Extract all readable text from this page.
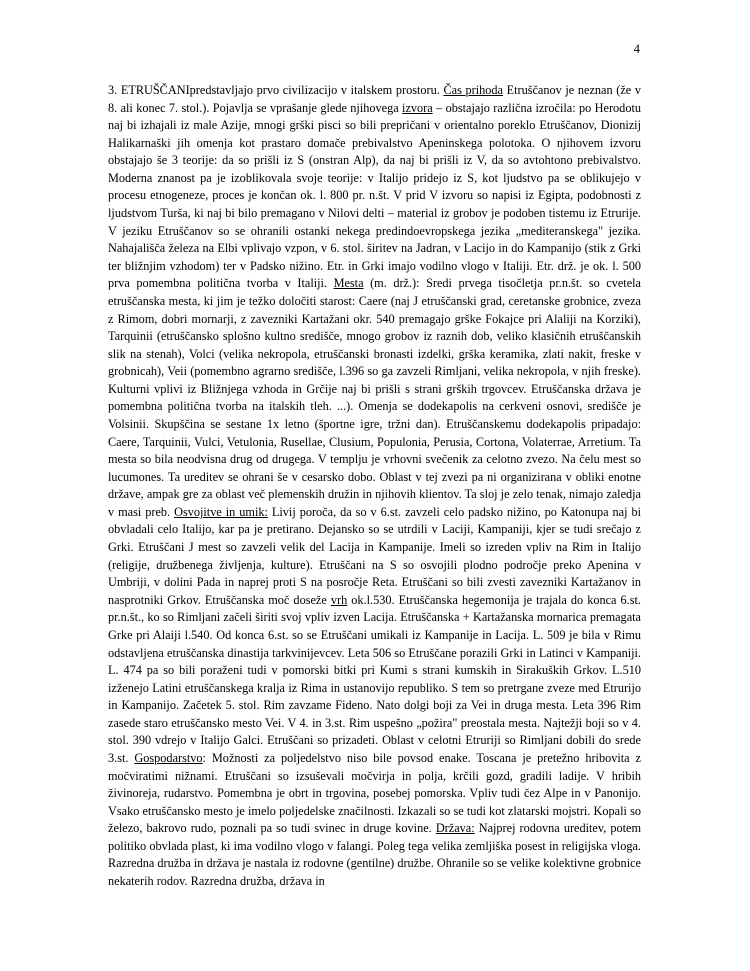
4

3. ETRUŠČANIpredstavljajo prvo civilizacijo v italskem prostoru. Čas prihoda Etruščanov je neznan (že v 8. ali konec 7. stol.). Pojavlja se vprašanje glede njihovega izvora – obstajajo različna izročila: po Herodotu naj bi izhajali iz male Azije, mnogi grški pisci so bili prepričani v orientalno poreklo Etruščanov, Dionizij Halikarnaški jih omenja kot prastaro domače prebivalstvo Apeninskega polotoka. O njihovem izvoru obstajajo še 3 teorije: da so prišli iz S (onstran Alp), da naj bi prišli iz V, da so avtohtono prebivalstvo. Moderna znanost pa je izoblikovala svoje teorije: v Italijo pridejo iz S, kot ljudstvo pa se oblikujejo v procesu etnogeneze, proces je končan ok. l. 800 pr. n.št. V prid V izvoru so napisi iz Egipta, podobnosti z ljudstvom Turša, ki naj bi bilo premagano v Nilovi delti – material iz grobov je podoben tistemu iz Etrurije. V jeziku Etruščanov so se ohranili ostanki nekega predindoevropskega jezika „mediteranskega" jezika. Nahajališča železa na Elbi vplivajo vzpon, v 6. stol. širitev na Jadran, v Lacijo in do Kampanijo (stik z Grki ter bližnjim vzhodom) ter v Padsko nižino. Etr. in Grki imajo vodilno vlogo v Italiji. Etr. drž. je ok. l. 500 prva pomembna politična tvorba v Italiji. Mesta (m. drž.): Sredi prvega tisočletja pr.n.št. so cvetela etruščanska mesta, ki jim je težko določiti starost: Caere (naj J etruščanski grad, ceretanske grobnice, zveza z Rimom, dobri mornarji, z zavezniki Kartažani okr. 540 premagajo grške Fokajce pri Alaliji na Korziki), Tarquinii (etruščansko splošno kultno središče, mnogo grobov iz raznih dob, veliko klasičnih etruščanskih slik na stenah), Volci (velika nekropola, etruščanski bronasti izdelki, grška keramika, zlati nakit, freske v grobnicah), Veii (pomembno agrarno središče, l.396 so ga zavzeli Rimljani, velika nekropola, v njih freske). Kulturni vplivi iz Bližnjega vzhoda in Grčije naj bi prišli s strani grških trgovcev. Etruščanska država je pomembna politična tvorba na italskih tleh. ...). Omenja se dodekapolis na cerkveni osnovi, središče je Volsinii. Skupščina se sestane 1x letno (športne igre, tržni dan). Etruščanskemu dodekapolis pripadajo: Caere, Tarquinii, Vulci, Vetulonia, Rusellae, Clusium, Populonia, Perusia, Cortona, Volaterrae, Arretium. Ta mesta so bila neodvisna drug od drugega. V templju je vrhovni svečenik za celotno zvezo. Na čelu mest so lucumones. Ta ureditev se ohrani še v cesarsko dobo. Oblast v tej zvezi pa ni organizirana v obliki enotne države, ampak gre za oblast več plemenskih družin in njihovih klientov. Ta sloj je zelo tenak, nimajo zaledja v masi preb. Osvojitve in umik: Livij poroča, da so v 6.st. zavzeli celo padsko nižino, po Katonupa naj bi obvladali celo Italijo, kar pa je pretirano. Dejansko so se utrdili v Laciji, Kampaniji, kjer se tudi srečajo z Grki. Etruščani J mest so zavzeli velik del Lacija in Kampanije. Imeli so izreden vpliv na Rim in Italijo (religije, družbenega življenja, kulture). Etruščani na S so osvojili plodno področje preko Apenina v Umbriji, v dolini Pada in naprej proti S na posročje Reta. Etruščani so bili zvesti zavezniki Kartažanov in nasprotniki Grkov. Etruščanska moč doseže vrh ok.l.530. Etruščanska hegemonija je trajala do konca 6.st. pr.n.št., ko so Rimljani začeli širiti svoj vpliv izven Lacija. Etruščanska + Kartažanska mornarica premagata Grke pri Alaiji l.540. Od konca 6.st. so se Etruščani umikali iz Kampanije in Lacija. L. 509 je bila v Rimu odstavljena etruščanska dinastija tarkvinijevcev. Leta 506 so Etruščane porazili Grki in Latinci v Kampaniji. L. 474 pa so bili poraženi tudi v pomorski bitki pri Kumi s strani kumskih in Sirakuških Grkov. L.510 izženejo Latini etruščanskega kralja iz Rima in ustanovijo republiko. S tem so pretrgane zveze med Etrurijo in Kampanijo. Začetek 5. stol. Rim zavzame Fideno. Nato dolgi boji za Vei in druga mesta. Leta 396 Rim zasede staro etruščansko mesto Vei. V 4. in 3.st. Rim uspešno „požira" preostala mesta. Najtežji boji so v 4. stol. 390 vdrejo v Italijo Galci. Etruščani so prizadeti. Oblast v celotni Etruriji so Rimljani dobili do srede 3.st. Gospodarstvo: Možnosti za poljedelstvo niso bile povsod enake. Toscana je pretežno hribovita z močviratimi nižnami. Etruščani so izsuševali močvirja in polja, krčili gozd, gradili ladije. V hribih živinoreja, rudarstvo. Pomembna je obrt in trgovina, posebej pomorska. Vpliv tudi čez Alpe in v Panonijo. Vsako etruščansko mesto je imelo poljedelske značilnosti. Izkazali so se tudi kot zlatarski mojstri. Kopali so železo, bakrovo rudo, poznali pa so tudi svinec in druge kovine. Država: Najprej rodovna ureditev, potem politiko obvlada plast, ki ima vodilno vlogo v falangi. Poleg tega velika zemljiška posest in religijska vloga. Razredna družba in država je nastala iz rodovne (gentilne) družbe. Ohranile so se velike kolektivne grobnice nekaterih rodov. Razredna družba, država in
